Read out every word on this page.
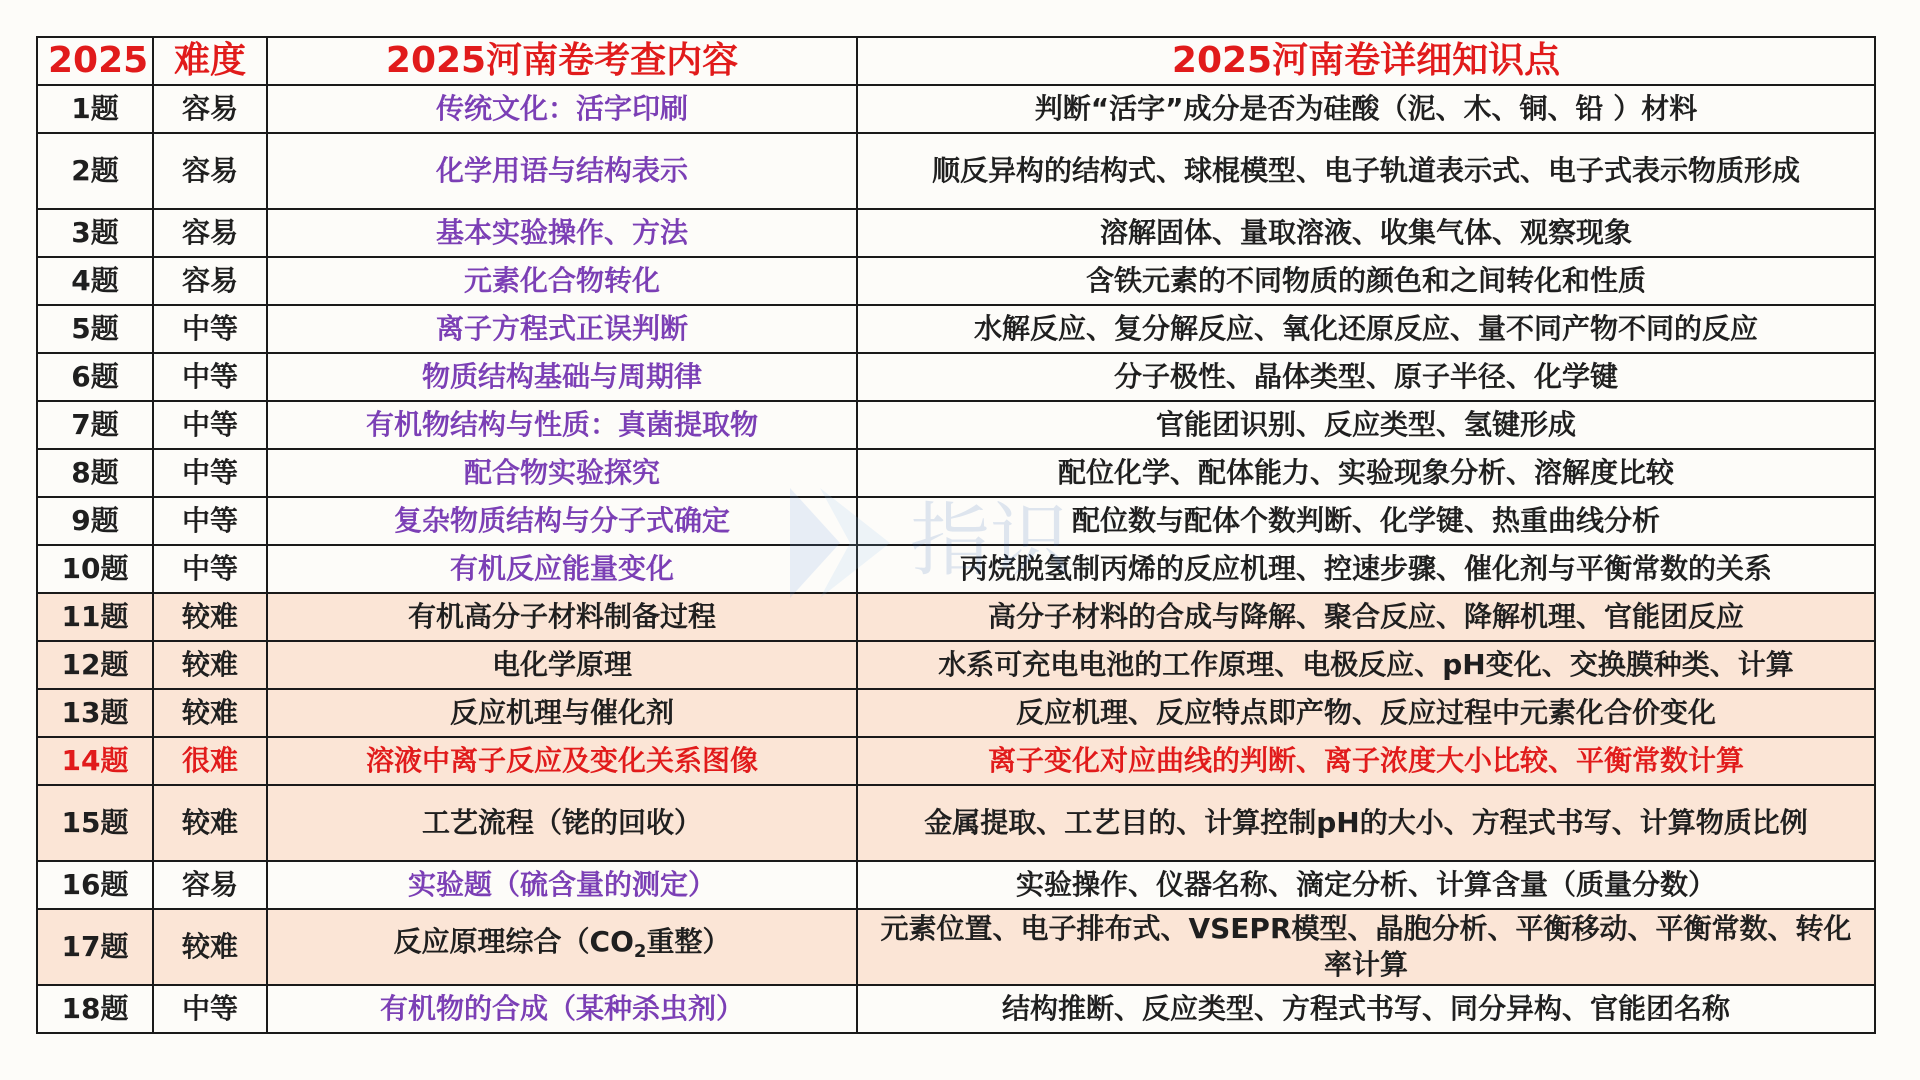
2025	难度	2025河南卷考查内容	2025河南卷详细知识点
1题	容易	传统文化：活字印刷	判断“活字”成分是否为硅酸（泥、木、铜、铅 ）材料
2题	容易	化学用语与结构表示	顺反异构的结构式、球棍模型、电子轨道表示式、电子式表示物质形成
3题	容易	基本实验操作、方法	溶解固体、量取溶液、收集气体、观察现象
4题	容易	元素化合物转化	含铁元素的不同物质的颜色和之间转化和性质
5题	中等	离子方程式正误判断	水解反应、复分解反应、氧化还原反应、量不同产物不同的反应
6题	中等	物质结构基础与周期律	分子极性、晶体类型、原子半径、化学键
7题	中等	有机物结构与性质：真菌提取物	官能团识别、反应类型、氢键形成
8题	中等	配合物实验探究	配位化学、配体能力、实验现象分析、溶解度比较
9题	中等	复杂物质结构与分子式确定	配位数与配体个数判断、化学键、热重曲线分析
10题	中等	有机反应能量变化	丙烷脱氢制丙烯的反应机理、控速步骤、催化剂与平衡常数的关系
11题	较难	有机高分子材料制备过程	高分子材料的合成与降解、聚合反应、降解机理、官能团反应
12题	较难	电化学原理	水系可充电电池的工作原理、电极反应、pH变化、交换膜种类、计算
13题	较难	反应机理与催化剂	反应机理、反应特点即产物、反应过程中元素化合价变化
14题	很难	溶液中离子反应及变化关系图像	离子变化对应曲线的判断、离子浓度大小比较、平衡常数计算
15题	较难	工艺流程（铑的回收）	金属提取、工艺目的、计算控制pH的大小、方程式书写、计算物质比例
16题	容易	实验题（硫含量的测定）	实验操作、仪器名称、滴定分析、计算含量（质量分数）
17题	较难	反应原理综合（$CO_2$重整）	元素位置、电子排布式、VSEPR模型、晶胞分析、平衡移动、平衡常数、转化率计算
18题	中等	有机物的合成（某种杀虫剂）	结构推断、反应类型、方程式书写、同分异构、官能团名称
